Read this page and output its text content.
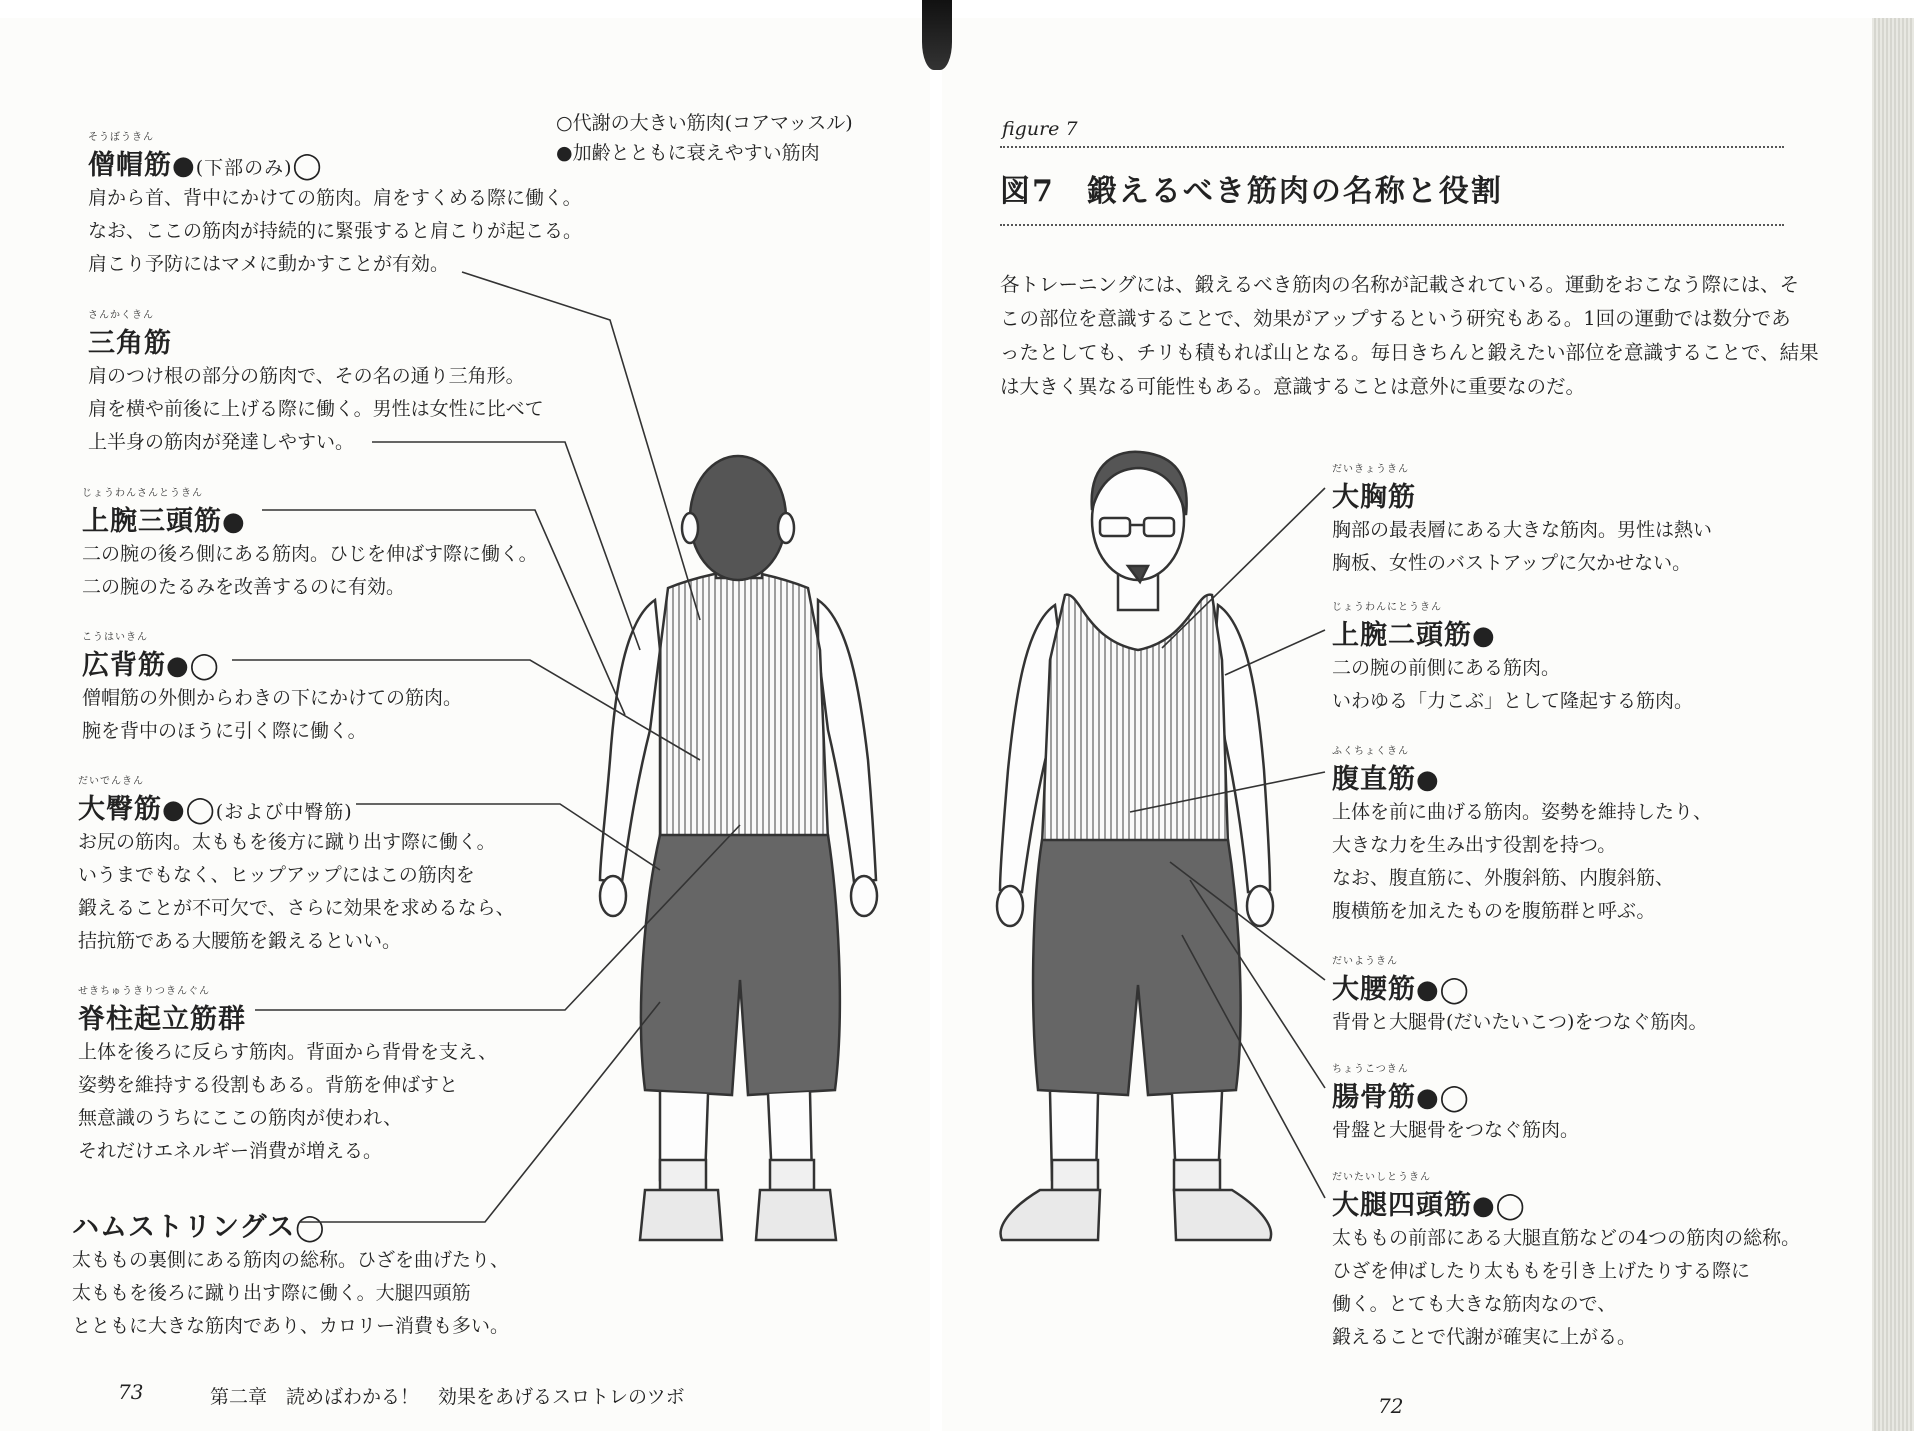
○代謝の大きい筋肉(コアマッスル)
●加齢とともに衰えやすい筋肉
そうぼうきん
僧帽筋●(下部のみ)◯
肩から首、背中にかけての筋肉。肩をすくめる際に働く。
なお、ここの筋肉が持続的に緊張すると肩こりが起こる。
肩こり予防にはマメに動かすことが有効。
さんかくきん
三角筋
肩のつけ根の部分の筋肉で、その名の通り三角形。
肩を横や前後に上げる際に働く。男性は女性に比べて
上半身の筋肉が発達しやすい。
じょうわんさんとうきん
上腕三頭筋●
二の腕の後ろ側にある筋肉。ひじを伸ばす際に働く。
二の腕のたるみを改善するのに有効。
こうはいきん
広背筋●◯
僧帽筋の外側からわきの下にかけての筋肉。
腕を背中のほうに引く際に働く。
だいでんきん
大臀筋●◯(および中臀筋)
お尻の筋肉。太ももを後方に蹴り出す際に働く。
いうまでもなく、ヒップアップにはこの筋肉を
鍛えることが不可欠で、さらに効果を求めるなら、
拮抗筋である大腰筋を鍛えるといい。
せきちゅうきりつきんぐん
脊柱起立筋群
上体を後ろに反らす筋肉。背面から背骨を支え、
姿勢を維持する役割もある。背筋を伸ばすと
無意識のうちにここの筋肉が使われ、
それだけエネルギー消費が増える。
ハムストリングス◯
太ももの裏側にある筋肉の総称。ひざを曲げたり、
太ももを後ろに蹴り出す際に働く。大腿四頭筋
とともに大きな筋肉であり、カロリー消費も多い。
73	第二章　読めばわかる！　効果をあげるスロトレのツボ
figure 7
図7　鍛えるべき筋肉の名称と役割
各トレーニングには、鍛えるべき筋肉の名称が記載されている。運動をおこなう際には、そ
この部位を意識することで、効果がアップするという研究もある。1回の運動では数分であ
ったとしても、チリも積もれば山となる。毎日きちんと鍛えたい部位を意識することで、結果
は大きく異なる可能性もある。意識することは意外に重要なのだ。
だいきょうきん
大胸筋
胸部の最表層にある大きな筋肉。男性は熱い
胸板、女性のバストアップに欠かせない。
じょうわんにとうきん
上腕二頭筋●
二の腕の前側にある筋肉。
いわゆる「力こぶ」として隆起する筋肉。
ふくちょくきん
腹直筋●
上体を前に曲げる筋肉。姿勢を維持したり、
大きな力を生み出す役割を持つ。
なお、腹直筋に、外腹斜筋、内腹斜筋、
腹横筋を加えたものを腹筋群と呼ぶ。
だいようきん
大腰筋●◯
背骨と大腿骨(だいたいこつ)をつなぐ筋肉。
ちょうこつきん
腸骨筋●◯
骨盤と大腿骨をつなぐ筋肉。
だいたいしとうきん
大腿四頭筋●◯
太ももの前部にある大腿直筋などの4つの筋肉の総称。
ひざを伸ばしたり太ももを引き上げたりする際に
働く。とても大きな筋肉なので、
鍛えることで代謝が確実に上がる。
72
